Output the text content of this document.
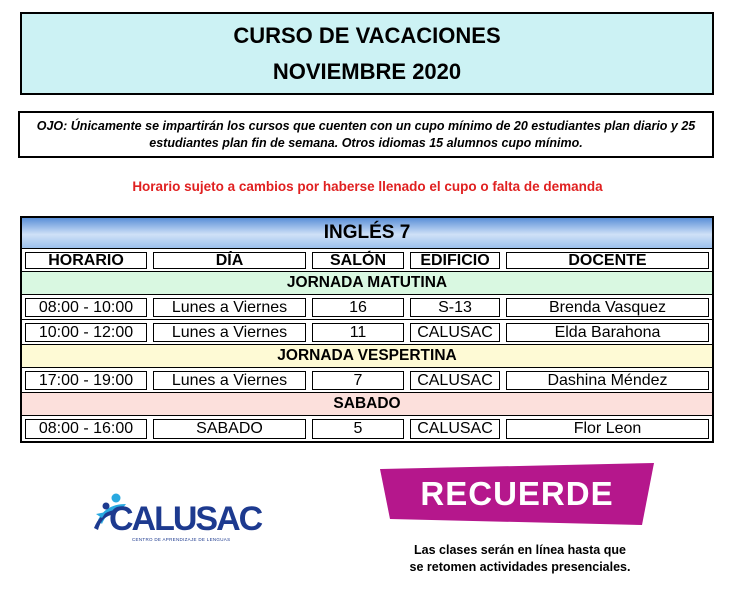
CURSO DE VACACIONES
NOVIEMBRE 2020
OJO: Únicamente se impartirán los cursos que cuenten con un cupo mínimo de 20 estudiantes plan diario y 25 estudiantes plan fin de semana. Otros idiomas 15 alumnos cupo mínimo.
Horario sujeto a cambios por haberse llenado el cupo o falta de demanda
INGLÉS 7
HORARIO	DÍA	SALÓN	EDIFICIO	DOCENTE
JORNADA MATUTINA
08:00 - 10:00	Lunes a Viernes	16	S-13	Brenda Vasquez
10:00 - 12:00	Lunes a Viernes	11	CALUSAC	Elda Barahona
JORNADA VESPERTINA
17:00 - 19:00	Lunes a Viernes	7	CALUSAC	Dashina Méndez
SABADO
08:00 - 16:00	SABADO	5	CALUSAC	Flor Leon
CALUSAC
CENTRO DE APRENDIZAJE DE LENGUAS
RECUERDE
Las clases serán en línea hasta que
se retomen actividades presenciales.
